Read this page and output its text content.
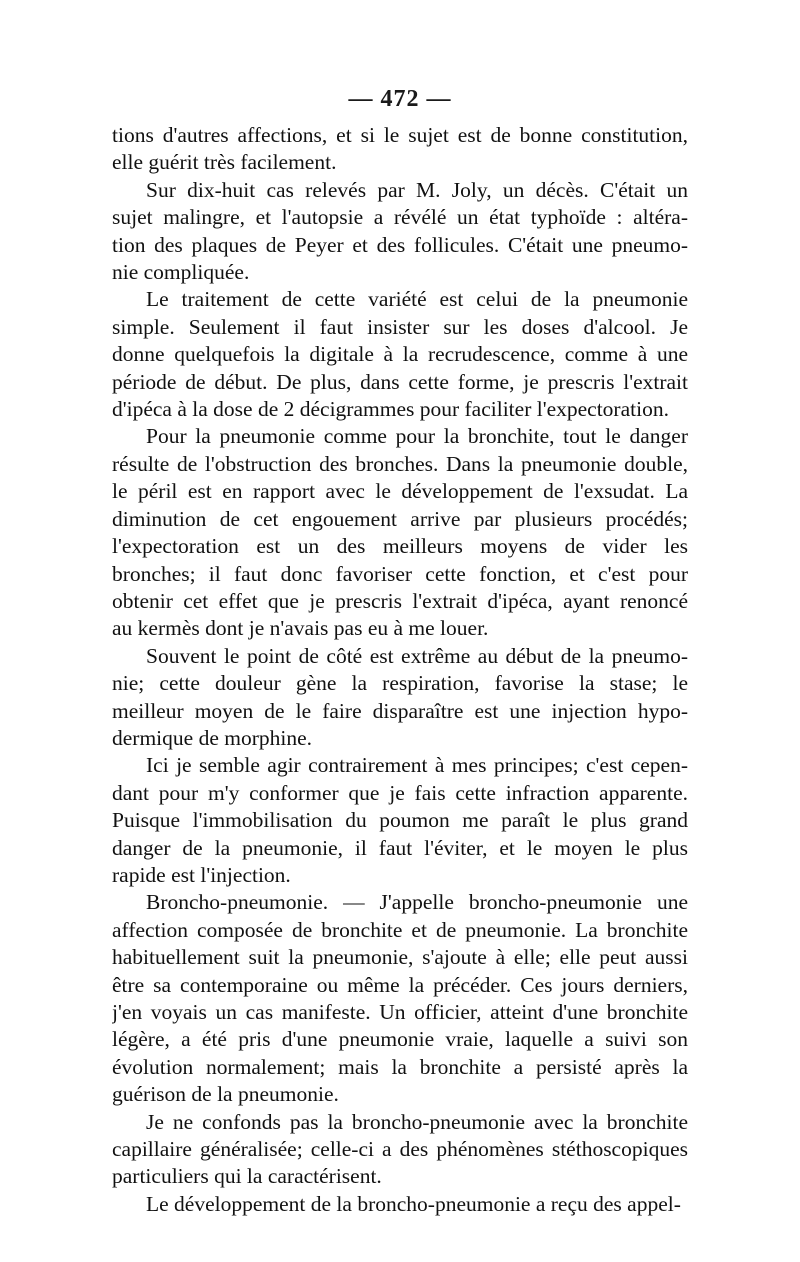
— 472 —

tions d'autres affections, et si le sujet est de bonne constitution,
elle guérit très facilement.

Sur dix-huit cas relevés par M. Joly, un décès. C'était un
sujet malingre, et l'autopsie a révélé un état typhoïde : altéra-
tion des plaques de Peyer et des follicules. C'était une pneumo-
nie compliquée.

Le traitement de cette variété est celui de la pneumonie
simple. Seulement il faut insister sur les doses d'alcool. Je
donne quelquefois la digitale à la recrudescence, comme à une
période de début. De plus, dans cette forme, je prescris l'extrait
d'ipéca à la dose de 2 décigrammes pour faciliter l'expectoration.

Pour la pneumonie comme pour la bronchite, tout le danger
résulte de l'obstruction des bronches. Dans la pneumonie double,
le péril est en rapport avec le développement de l'exsudat. La
diminution de cet engouement arrive par plusieurs procédés;
l'expectoration est un des meilleurs moyens de vider les
bronches; il faut donc favoriser cette fonction, et c'est pour
obtenir cet effet que je prescris l'extrait d'ipéca, ayant renoncé
au kermès dont je n'avais pas eu à me louer.

Souvent le point de côté est extrême au début de la pneumo-
nie; cette douleur gène la respiration, favorise la stase; le
meilleur moyen de le faire disparaître est une injection hypo-
dermique de morphine.

Ici je semble agir contrairement à mes principes; c'est cepen-
dant pour m'y conformer que je fais cette infraction apparente.
Puisque l'immobilisation du poumon me paraît le plus grand
danger de la pneumonie, il faut l'éviter, et le moyen le plus
rapide est l'injection.

Broncho-pneumonie. — J'appelle broncho-pneumonie une
affection composée de bronchite et de pneumonie. La bronchite
habituellement suit la pneumonie, s'ajoute à elle; elle peut aussi
être sa contemporaine ou même la précéder. Ces jours derniers,
j'en voyais un cas manifeste. Un officier, atteint d'une bronchite
légère, a été pris d'une pneumonie vraie, laquelle a suivi son
évolution normalement; mais la bronchite a persisté après la
guérison de la pneumonie.

Je ne confonds pas la broncho-pneumonie avec la bronchite
capillaire généralisée; celle-ci a des phénomènes stéthoscopiques
particuliers qui la caractérisent.

Le développement de la broncho-pneumonie a reçu des appel-
